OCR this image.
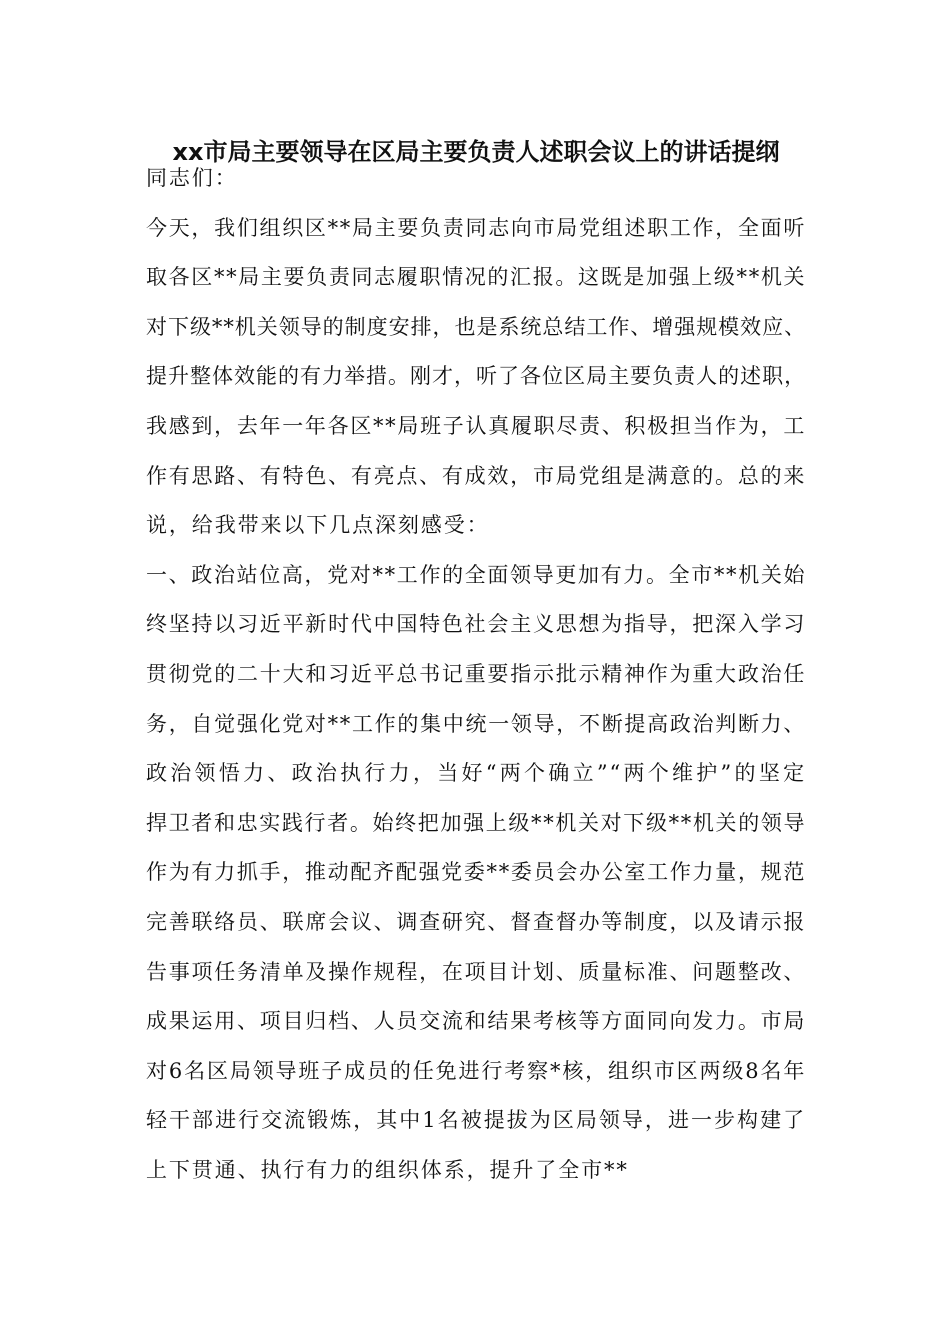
xx市局主要领导在区局主要负责人述职会议上的讲话提纲
同志们：
今天，我们组织区**局主要负责同志向市局党组述职工作，全面听
取各区**局主要负责同志履职情况的汇报。这既是加强上级**机关
对下级**机关领导的制度安排，也是系统总结工作、增强规模效应、
提升整体效能的有力举措。刚才，听了各位区局主要负责人的述职，
我感到，去年一年各区**局班子认真履职尽责、积极担当作为，工
作有思路、有特色、有亮点、有成效，市局党组是满意的。总的来
说，给我带来以下几点深刻感受：
一、政治站位高，党对**工作的全面领导更加有力。全市**机关始
终坚持以习近平新时代中国特色社会主义思想为指导，把深入学习
贯彻党的二十大和习近平总书记重要指示批示精神作为重大政治任
务，自觉强化党对**工作的集中统一领导，不断提高政治判断力、
政治领悟力、政治执行力，当好“两个确立”“两个维护”的坚定
捍卫者和忠实践行者。始终把加强上级**机关对下级**机关的领导
作为有力抓手，推动配齐配强党委**委员会办公室工作力量，规范
完善联络员、联席会议、调查研究、督查督办等制度，以及请示报
告事项任务清单及操作规程，在项目计划、质量标准、问题整改、
成果运用、项目归档、人员交流和结果考核等方面同向发力。市局
对6名区局领导班子成员的任免进行考察*核，组织市区两级8名年
轻干部进行交流锻炼，其中1名被提拔为区局领导，进一步构建了
上下贯通、执行有力的组织体系，提升了全市**
